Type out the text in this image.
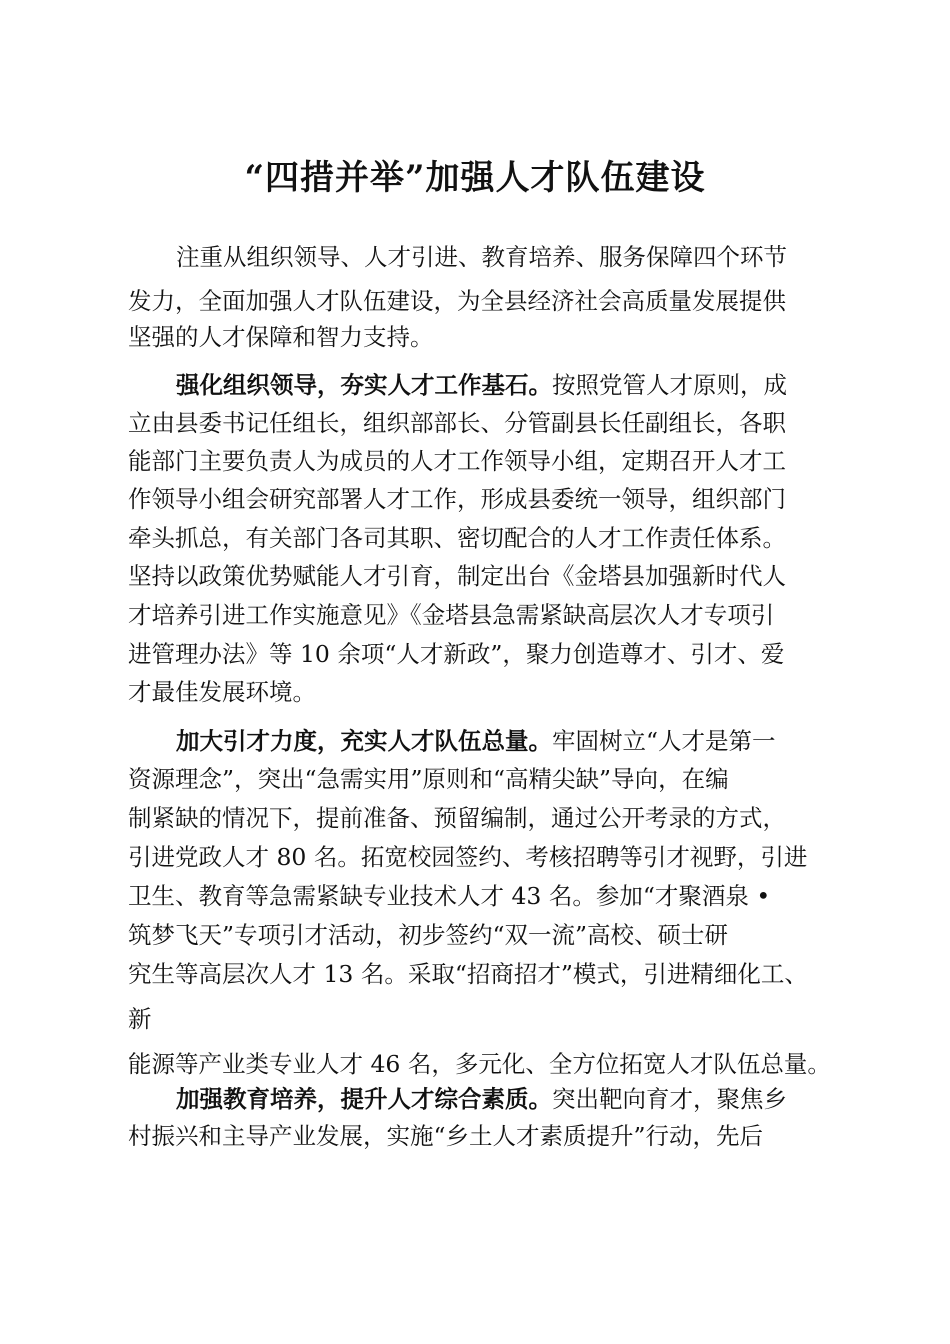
“四措并举”加强人才队伍建设

注重从组织领导、人才引进、教育培养、服务保障四个环节

发力，全面加强人才队伍建设，为全县经济社会高质量发展提供

坚强的人才保障和智力支持。

强化组织领导，夯实人才工作基石。按照党管人才原则，成

立由县委书记任组长，组织部部长、分管副县长任副组长，各职

能部门主要负责人为成员的人才工作领导小组，定期召开人才工

作领导小组会研究部署人才工作，形成县委统一领导，组织部门

牵头抓总，有关部门各司其职、密切配合的人才工作责任体系。

坚持以政策优势赋能人才引育，制定出台《金塔县加强新时代人

才培养引进工作实施意见》《金塔县急需紧缺高层次人才专项引

进管理办法》等 10 余项“人才新政”，聚力创造尊才、引才、爱

才最佳发展环境。

加大引才力度，充实人才队伍总量。牢固树立“人才是第一

资源理念”，突出“急需实用”原则和“高精尖缺”导向，在编

制紧缺的情况下，提前准备、预留编制，通过公开考录的方式，

引进党政人才 80 名。拓宽校园签约、考核招聘等引才视野，引进

卫生、教育等急需紧缺专业技术人才 43 名。参加“才聚酒泉 •

筑梦飞天”专项引才活动，初步签约“双一流”高校、硕士研

究生等高层次人才 13 名。采取“招商招才”模式，引进精细化工、

新

能源等产业类专业人才 46 名，多元化、全方位拓宽人才队伍总量。

加强教育培养，提升人才综合素质。突出靶向育才，聚焦乡

村振兴和主导产业发展，实施“乡土人才素质提升”行动，先后
